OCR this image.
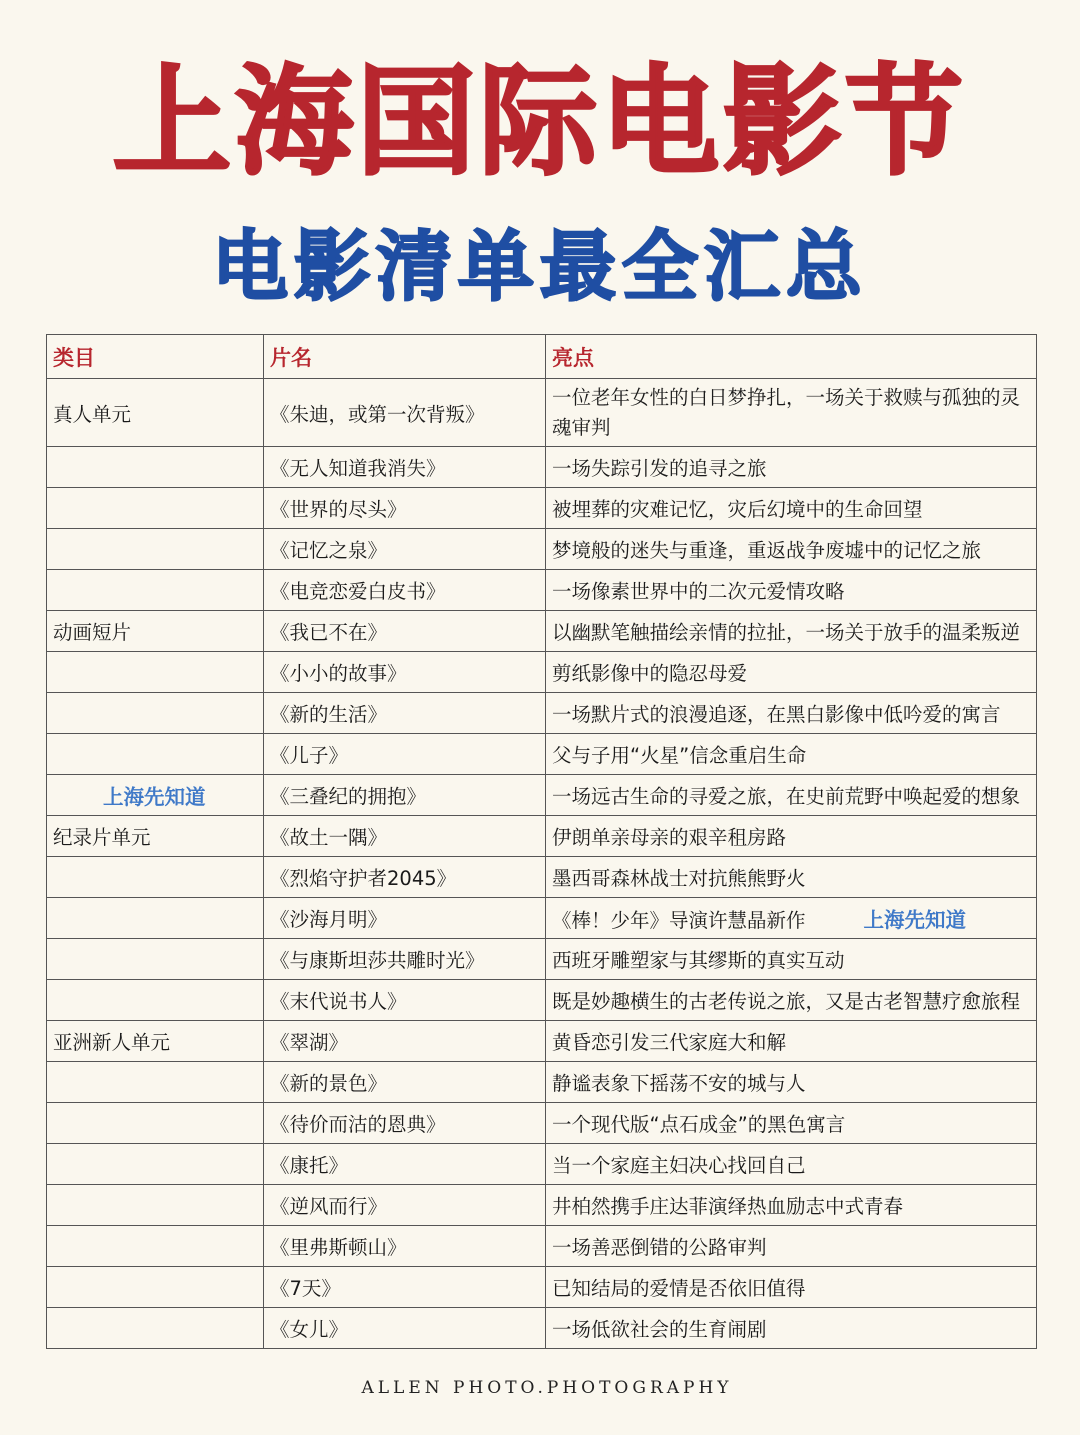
上海国际电影节
电影清单最全汇总
类目	片名	亮点
真人单元	《朱迪，或第一次背叛》	一位老年女性的白日梦挣扎，一场关于救赎与孤独的灵魂审判
	《无人知道我消失》	一场失踪引发的追寻之旅
	《世界的尽头》	被埋葬的灾难记忆，灾后幻境中的生命回望
	《记忆之泉》	梦境般的迷失与重逢，重返战争废墟中的记忆之旅
	《电竞恋爱白皮书》	一场像素世界中的二次元爱情攻略
动画短片	《我已不在》	以幽默笔触描绘亲情的拉扯，一场关于放手的温柔叛逆
	《小小的故事》	剪纸影像中的隐忍母爱
	《新的生活》	一场默片式的浪漫追逐，在黑白影像中低吟爱的寓言
	《儿子》	父与子用“火星”信念重启生命
上海先知道	《三叠纪的拥抱》	一场远古生命的寻爱之旅，在史前荒野中唤起爱的想象
纪录片单元	《故土一隅》	伊朗单亲母亲的艰辛租房路
	《烈焰守护者2045》	墨西哥森林战士对抗熊熊野火
	《沙海月明》	《棒！少年》导演许慧晶新作 上海先知道
	《与康斯坦莎共雕时光》	西班牙雕塑家与其缪斯的真实互动
	《末代说书人》	既是妙趣横生的古老传说之旅，又是古老智慧疗愈旅程
亚洲新人单元	《翠湖》	黄昏恋引发三代家庭大和解
	《新的景色》	静谧表象下摇荡不安的城与人
	《待价而沽的恩典》	一个现代版“点石成金”的黑色寓言
	《康托》	当一个家庭主妇决心找回自己
	《逆风而行》	井柏然携手庄达菲演绎热血励志中式青春
	《里弗斯顿山》	一场善恶倒错的公路审判
	《7天》	已知结局的爱情是否依旧值得
	《女儿》	一场低欲社会的生育闹剧
ALLEN PHOTO.PHOTOGRAPHY
